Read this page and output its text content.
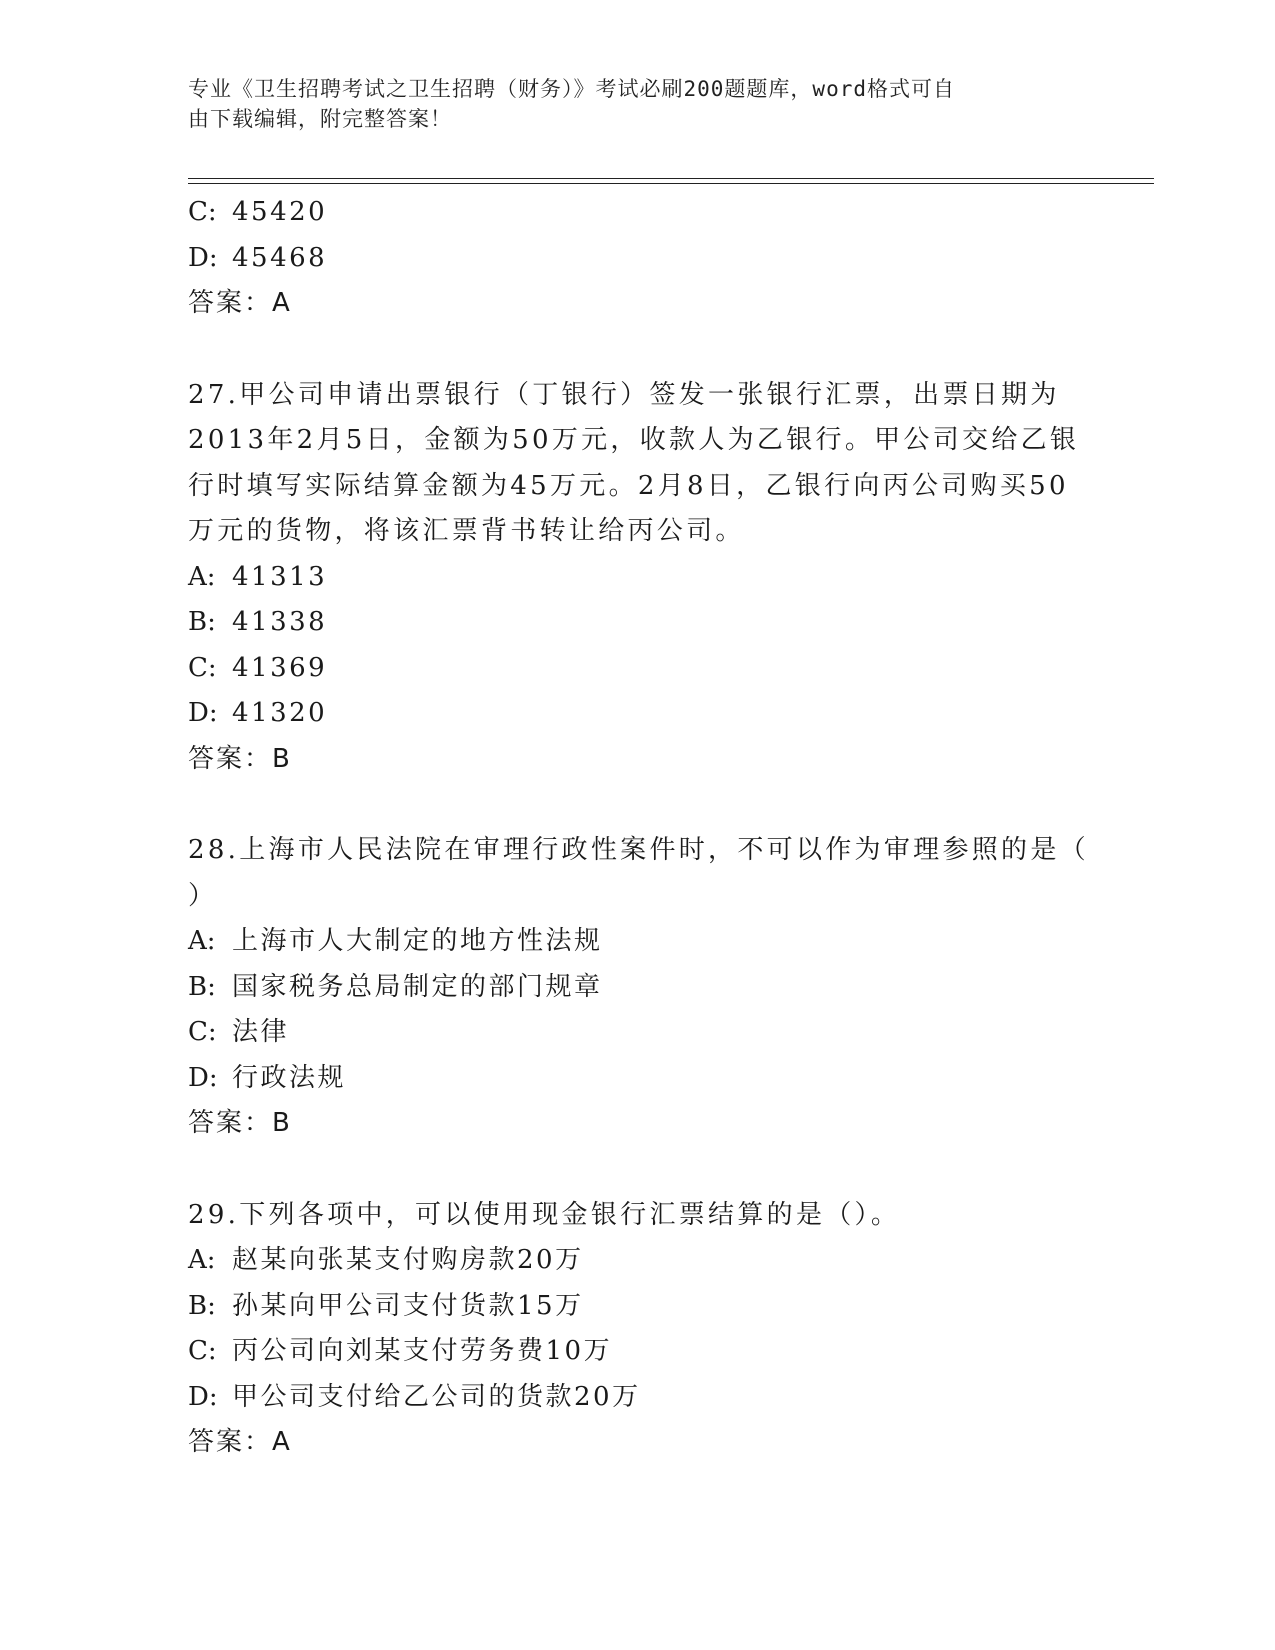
专业《卫生招聘考试之卫生招聘（财务）》考试必刷200题题库，word格式可自
由下载编辑，附完整答案！
C: 45420
D: 45468
答案：A
27.甲公司申请出票银行（丁银行）签发一张银行汇票，出票日期为
2013年2月5日，金额为50万元，收款人为乙银行。甲公司交给乙银
行时填写实际结算金额为45万元。2月8日，乙银行向丙公司购买50
万元的货物，将该汇票背书转让给丙公司。
A: 41313
B: 41338
C: 41369
D: 41320
答案：B
28.上海市人民法院在审理行政性案件时，不可以作为审理参照的是（
）
A: 上海市人大制定的地方性法规
B: 国家税务总局制定的部门规章
C: 法律
D: 行政法规
答案：B
29.下列各项中，可以使用现金银行汇票结算的是（）。
A: 赵某向张某支付购房款20万
B: 孙某向甲公司支付货款15万
C: 丙公司向刘某支付劳务费10万
D: 甲公司支付给乙公司的货款20万
答案：A
